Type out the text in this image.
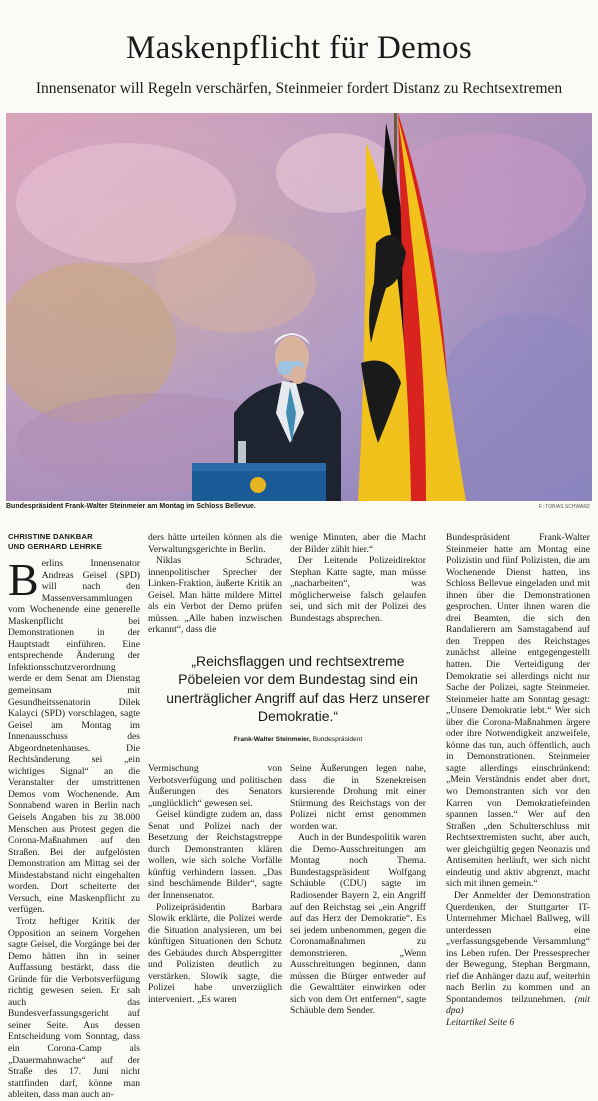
Maskenpflicht für Demos
Innensenator will Regeln verschärfen, Steinmeier fordert Distanz zu Rechtsextremen
Bundespräsident Frank-Walter Steinmeier am Montag im Schloss Bellevue.	F.: TOBIAS SCHWARZ
CHRISTINE DANKBAR
UND GERHARD LEHRKE

Berlins Innensenator Andreas Geisel (SPD) will nach den Massenversammlungen vom Wochenende eine generelle Maskenpflicht bei Demonstrationen in der Hauptstadt einführen. Eine entsprechende Änderung der Infektionsschutzverordnung werde er dem Senat am Dienstag gemeinsam mit Gesundheitssenatorin Dilek Kalayci (SPD) vorschlagen, sagte Geisel am Montag im Innenausschuss des Abgeordnetenhauses. Die Rechtsänderung sei „ein wichtiges Signal“ an die Veranstalter der umstrittenen Demos vom Wochenende. Am Sonnabend waren in Berlin nach Geisels Angaben bis zu 38.000 Menschen aus Protest gegen die Corona-Maßnahmen auf den Straßen. Bei der aufgelösten Demonstration am Mittag sei der Mindestabstand nicht eingehalten worden. Dort scheiterte der Versuch, eine Maskenpflicht zu verfügen.

Trotz heftiger Kritik der Opposition an seinem Vorgehen sagte Geisel, die Vorgänge bei der Demo hätten ihn in seiner Auffassung bestärkt, dass die Gründe für die Verbotsverfügung richtig gewesen seien. Er sah auch das Bundesverfassungsgericht auf seiner Seite. Aus dessen Entscheidung vom Sonntag, dass ein Corona-Camp als „Dauermahnwache“ auf der Straße des 17. Juni nicht stattfinden darf, könne man ableiten, dass man auch an-

ders hätte urteilen können als die Verwaltungsgerichte in Berlin.

Niklas Schrader, innenpolitischer Sprecher der Linken-Fraktion, äußerte Kritik an Geisel. Man hätte mildere Mittel als ein Verbot der Demo prüfen müssen. „Alle haben inzwischen erkannt“, dass die

Vermischung von Verbotsverfügung und politischen Äußerungen des Senators „unglücklich“ gewesen sei.

Geisel kündigte zudem an, dass Senat und Polizei nach der Besetzung der Reichstagstreppe durch Demonstranten klären wollen, wie sich solche Vorfälle künftig verhindern lassen. „Das sind beschämende Bilder“, sagte der Innensenator.

Polizeipräsidentin Barbara Slowik erklärte, die Polizei werde die Situation analysieren, um bei künftigen Situationen den Schutz des Gebäudes durch Absperrgitter und Polizisten deutlich zu verstärken. Slowik sagte, die Polizei habe unverzüglich interveniert. „Es waren

wenige Minuten, aber die Macht der Bilder zählt hier.“

Der Leitende Polizeidirektor Stephan Katte sagte, man müsse „nacharbeiten“, was möglicherweise falsch gelaufen sei, und sich mit der Polizei des Bundestags absprechen.

Seine Äußerungen legen nahe, dass die in Szenekreisen kursierende Drohung mit einer Stürmung des Reichstags von der Polizei nicht ernst genommen worden war.

Auch in der Bundespolitik waren die Demo-Ausschreitungen am Montag noch Thema. Bundestagspräsident Wolfgang Schäuble (CDU) sagte im Radiosender Bayern 2, ein Angriff auf den Reichstag sei „ein Angriff auf das Herz der Demokratie“. Es sei jedem unbenommen, gegen die Coronamaßnahmen zu demonstrieren. „Wenn Ausschreitungen beginnen, dann müssen die Bürger entweder auf die Gewalttäter einwirken oder sich von dem Ort entfernen“, sagte Schäuble dem Sender.

„Reichsflaggen und rechtsextreme Pöbeleien vor dem Bundestag sind ein unerträglicher Angriff auf das Herz unserer Demokratie.“
Frank-Walter Steinmeier, Bundespräsident

Bundespräsident Frank-Walter Steinmeier hatte am Montag eine Polizistin und fünf Polizisten, die am Wochenende Dienst hatten, ins Schloss Bellevue eingeladen und mit ihnen über die Demonstrationen gesprochen. Unter ihnen waren die drei Beamten, die sich den Randalierern am Samstagabend auf den Treppen des Reichstages zunächst alleine entgegengestellt hatten. Die Verteidigung der Demokratie sei allerdings nicht nur Sache der Polizei, sagte Steinmeier. Steinmeier hatte am Sonntag gesagt: „Unsere Demokratie lebt.“ Wer sich über die Corona-Maßnahmen ärgere oder ihre Notwendigkeit anzweifele, könne das tun, auch öffentlich, auch in Demonstrationen. Steinmeier sagte allerdings einschränkend: „Mein Verständnis endet aber dort, wo Demonstranten sich vor den Karren von Demokratiefeinden spannen lassen.“ Wer auf den Straßen „den Schulterschluss mit Rechtsextremisten sucht, aber auch, wer gleichgültig gegen Neonazis und Antisemiten herläuft, wer sich nicht eindeutig und aktiv abgrenzt, macht sich mit ihnen gemein.“

Der Anmelder der Demonstration Querdenken, der Stuttgarter IT-Unternehmer Michael Ballweg, will unterdessen eine „verfassungsgebende Versammlung“ ins Leben rufen. Der Pressesprecher der Bewegung, Stephan Bergmann, rief die Anhänger dazu auf, weiterhin nach Berlin zu kommen und an Spontandemos teilzunehmen. (mit dpa)

Leitartikel Seite 6
